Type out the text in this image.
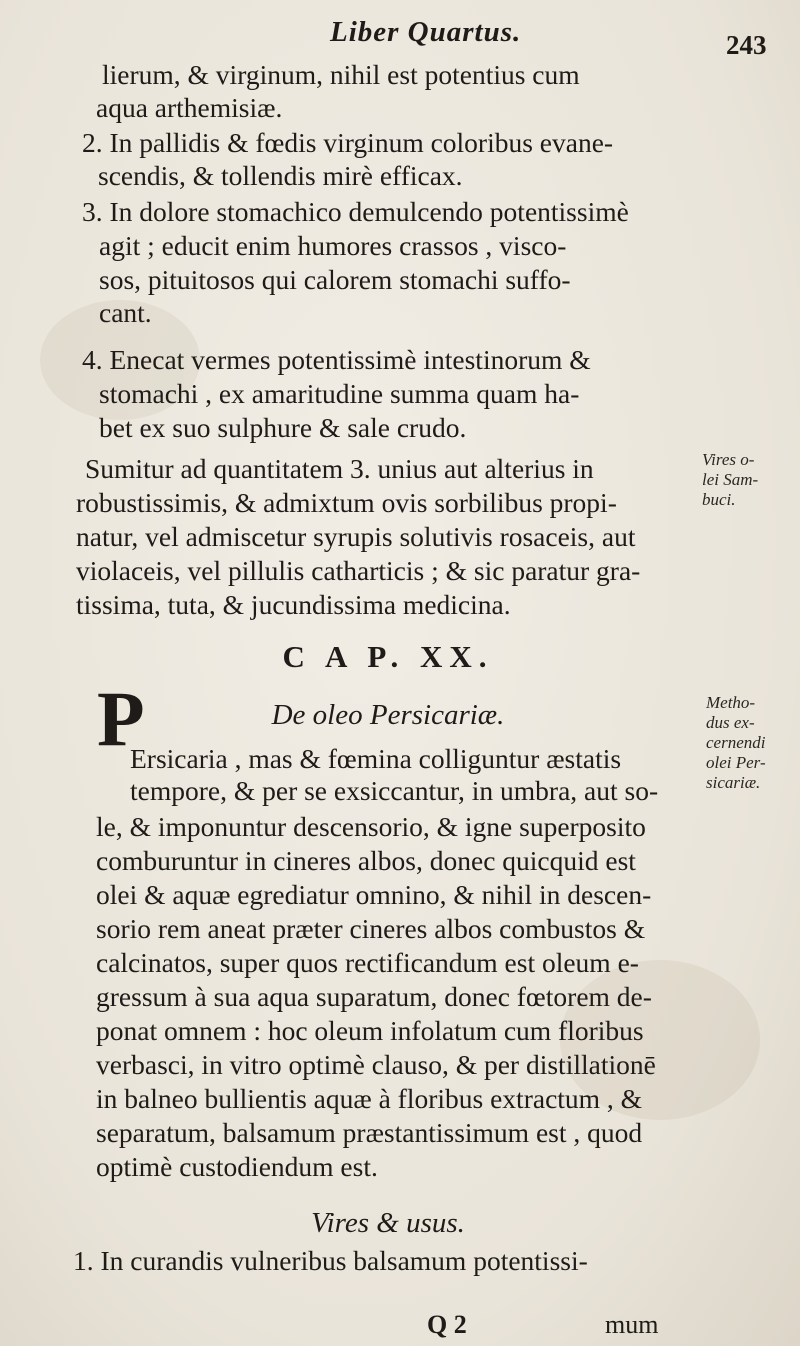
Liber Quartus.	243
lierum, & virginum, nihil est potentius cum
aqua arthemisiæ.
2. In pallidis & fœdis virginum coloribus evane-
scendis, & tollendis mirè efficax.
3. In dolore stomachico demulcendo potentissimè
agit ; educit enim humores crassos , visco-
sos, pituitosos qui calorem stomachi suffo-
cant.
4. Enecat vermes potentissimè intestinorum &
stomachi , ex amaritudine summa quam ha-
bet ex suo sulphure & sale crudo.
Sumitur ad quantitatem 3. unius aut alterius in
robustissimis, & admixtum ovis sorbilibus propi-
natur, vel admiscetur syrupis solutivis rosaceis, aut
violaceis, vel pillulis catharticis ; & sic paratur gra-
tissima, tuta, & jucundissima medicina.
C A P. XX.
De oleo Persicariæ.
Ersicaria , mas & fœmina colliguntur æstatis
tempore, & per se exsiccantur, in umbra, aut so-
le, & imponuntur descensorio, & igne superposito
comburuntur in cineres albos, donec quicquid est
olei & aquæ egrediatur omnino, & nihil in descen-
sorio rem aneat præter cineres albos combustos &
calcinatos, super quos rectificandum est oleum e-
gressum à sua aqua suparatum, donec fœtorem de-
ponat omnem : hoc oleum infolatum cum floribus
verbasci, in vitro optimè clauso, & per distillationē
in balneo bullientis aquæ à floribus extractum , &
separatum, balsamum præstantissimum est , quod
optimè custodiendum est.
Vires & usus.
1. In curandis vulneribus balsamum potentissi-
P
Vires o-
lei Sam-
buci.
Metho-
dus ex-
cernendi
olei Per-
sicariæ.
Q 2	mum
